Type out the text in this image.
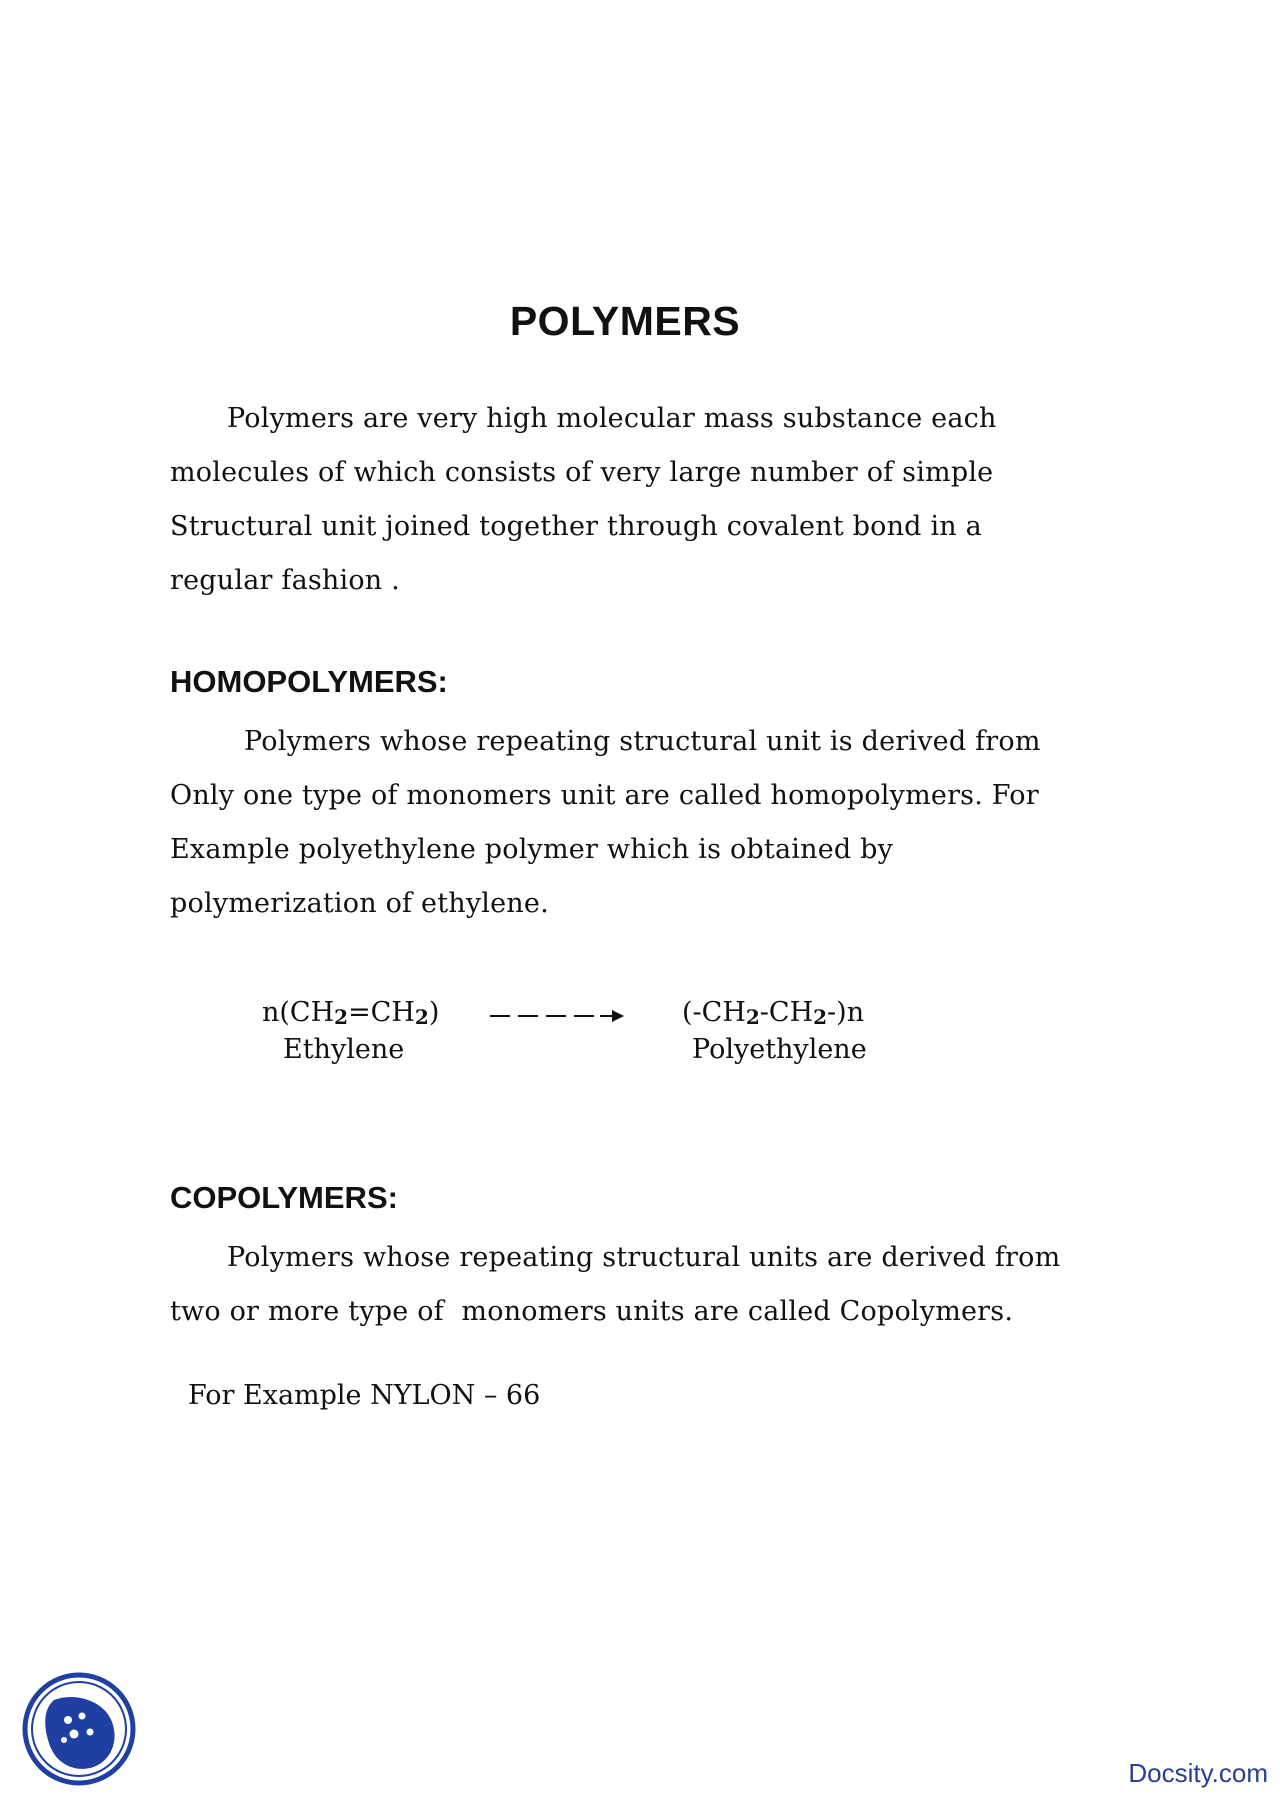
POLYMERS

Polymers are very high molecular mass substance each
molecules of which consists of very large number of simple
Structural unit joined together through covalent bond in a
regular fashion .

HOMOPOLYMERS:

Polymers whose repeating structural unit is derived from
Only one type of monomers unit are called homopolymers. For
Example polyethylene polymer which is obtained by
polymerization of ethylene.

$n(CH_2=CH_2)$
Ethylene
$(-CH_2-CH_2-)n$
Polyethylene
COPOLYMERS:

Polymers whose repeating structural units are derived from
two or more type of  monomers units are called Copolymers.

For Example NYLON – 66
Docsity.com
